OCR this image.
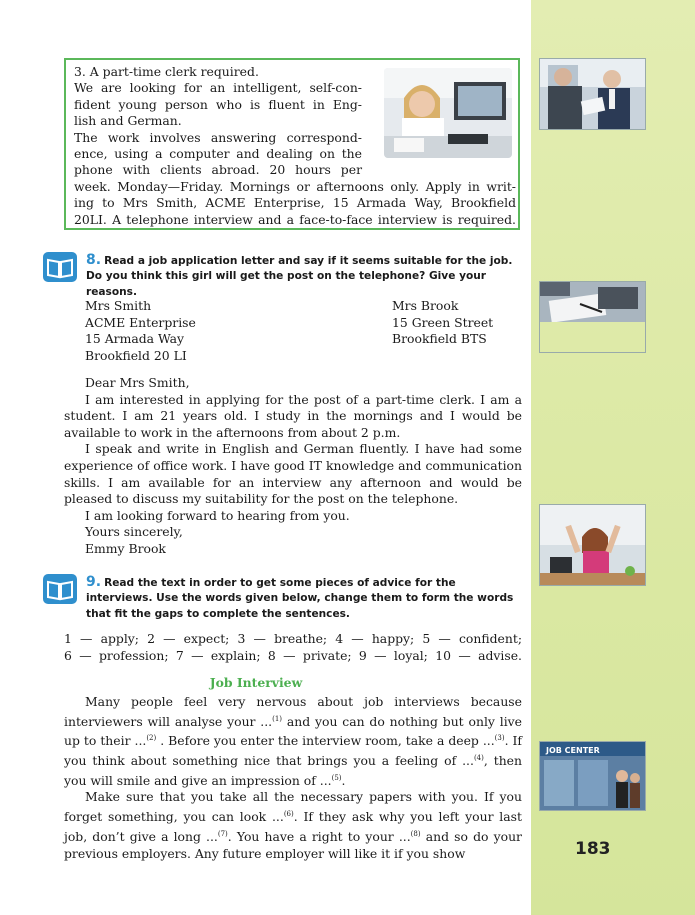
JOB CENTER
183
3. A part-time clerk required.
We are looking for an intelligent, self-con-
fident young person who is fluent in Eng-
lish and German.
The work involves answering correspond-
ence, using a computer and dealing on the
phone with clients abroad. 20 hours per
week. Monday—Friday. Mornings or afternoons only. Apply in writ-
ing to Mrs Smith, ACME Enterprise, 15 Armada Way, Brookfield
20LI. A telephone interview and a face-to-face interview is required.
8. Read a job application letter and say if it seems suitable for the job. Do you think this girl will get the post on the telephone? Give your reasons.
Mrs Smith
ACME Enterprise
15 Armada Way
Brookfield 20 LI
Mrs Brook
15 Green Street
Brookfield BTS

Dear Mrs Smith,

I am interested in applying for the post of a part-time clerk. I am a student. I am 21 years old. I study in the mornings and I would be available to work in the afternoons from about 2 p.m.

I speak and write in English and German fluently. I have had some experience of office work. I have good IT knowledge and communication skills. I am available for an interview any afternoon and would be pleased to discuss my suitability for the post on the telephone.

I am looking forward to hearing from you.

Yours sincerely,

Emmy Brook

9. Read the text in order to get some pieces of advice for the interviews. Use the words given below, change them to form the words that fit the gaps to complete the sentences.

1 — apply; 2 — expect; 3 — breathe; 4 — happy; 5 — confident;

6 — profession; 7 — explain; 8 — private; 9 — loyal; 10 — advise.

Job Interview

Many people feel very nervous about job interviews because interviewers will analyse your ...$^{(1)}$ and you can do nothing but only live up to their ...$^{(2)}$ . Before you enter the interview room, take a deep ...$^{(3)}$. If you think about something nice that brings you a feeling of ...$^{(4)}$, then you will smile and give an impression of ...$^{(5)}$.

Make sure that you take all the necessary papers with you. If you forget something, you can look ...$^{(6)}$. If they ask why you left your last job, don’t give a long ...$^{(7)}$. You have a right to your ...$^{(8)}$ and so do your previous employers. Any future employer will like it if you show
